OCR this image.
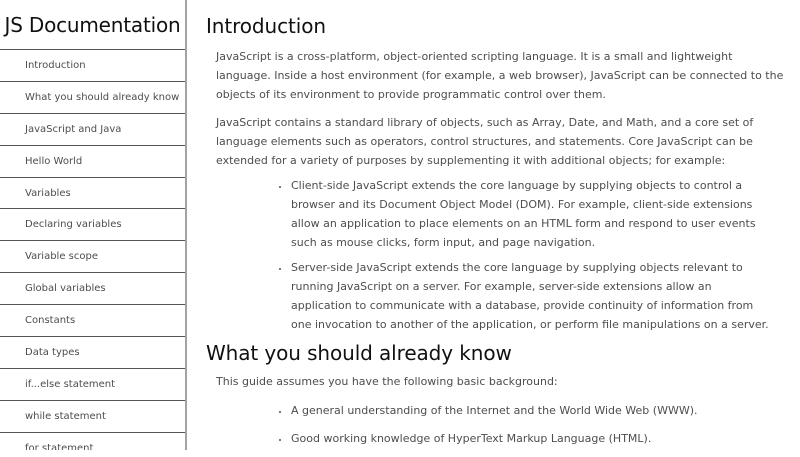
JS Documentation
Introduction
What you should already know
JavaScript and Java
Hello World
Variables
Declaring variables
Variable scope
Global variables
Constants
Data types
if...else statement
while statement
for statement
Introduction

JavaScript is a cross-platform, object-oriented scripting language. It is a small and lightweight language. Inside a host environment (for example, a web browser), JavaScript can be connected to the objects of its environment to provide programmatic control over them.

JavaScript contains a standard library of objects, such as Array, Date, and Math, and a core set of language elements such as operators, control structures, and statements. Core JavaScript can be extended for a variety of purposes by supplementing it with additional objects; for example:

• Client-side JavaScript extends the core language by supplying objects to control a browser and its Document Object Model (DOM). For example, client-side extensions allow an application to place elements on an HTML form and respond to user events such as mouse clicks, form input, and page navigation.
• Server-side JavaScript extends the core language by supplying objects relevant to running JavaScript on a server. For example, server-side extensions allow an application to communicate with a database, provide continuity of information from one invocation to another of the application, or perform file manipulations on a server.
What you should already know

This guide assumes you have the following basic background:

• A general understanding of the Internet and the World Wide Web (WWW).
• Good working knowledge of HyperText Markup Language (HTML).
